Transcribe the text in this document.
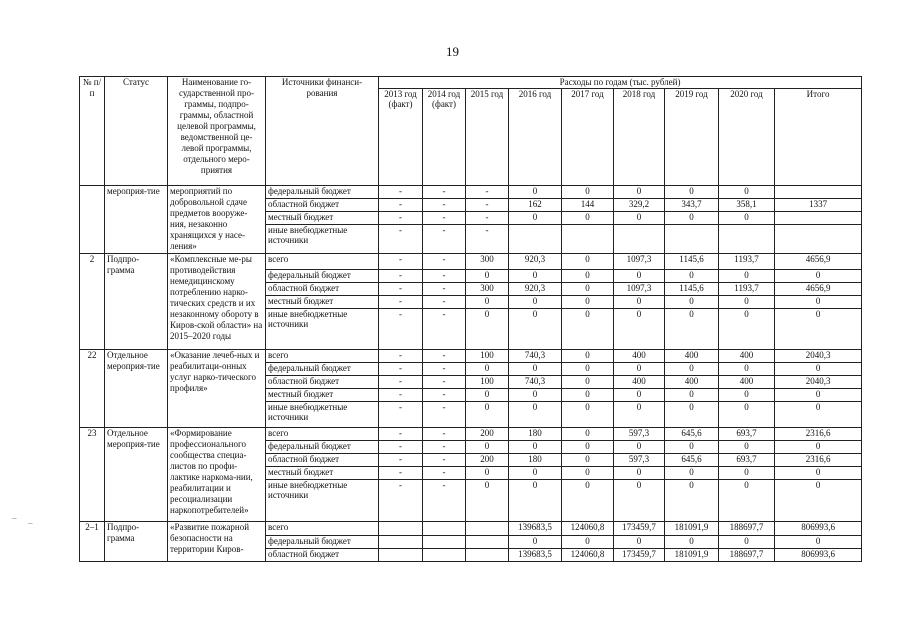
19
№ п/п	Статус	Наименование го-сударственной про-граммы, подпро-граммы, областной целевой программы, ведомственной це-левой программы, отдельного меро-приятия	Источники финанси-рования	Расходы по годам (тыс. рублей)								
				2013 год (факт)	2014 год (факт)	2015 год	2016 год	2017 год	2018 год	2019 год	2020 год	Итого
	мероприя-тие	мероприятий по добровольной сдаче предметов вооруже-ния, незаконно хранящихся у насе-ления»	федеральный бюджет	-	-	-	0	0	0	0	0	
			областной бюджет	-	-	-	162	144	329,2	343,7	358,1	1337
			местный бюджет	-	-	-	0	0	0	0	0	
			иные внебюджетные источники	-	-	-						
2	Подпро-грамма	«Комплексные ме-ры противодействия немедицинскому потреблению нарко-тических средств и их незаконному обороту в Киров-ской области» на 2015–2020 годы	всего	-	-	300	920,3	0	1097,3	1145,6	1193,7	4656,9
			федеральный бюджет	-	-	0	0	0	0	0	0	0
			областной бюджет	-	-	300	920,3	0	1097,3	1145,6	1193,7	4656,9
			местный бюджет	-	-	0	0	0	0	0	0	0
			иные внебюджетные источники	-	-	0	0	0	0	0	0	0
22	Отдельное мероприя-тие	«Оказание лечеб-ных и реабилитаци-онных услуг нарко-тического профиля»	всего	-	-	100	740,3	0	400	400	400	2040,3
			федеральный бюджет	-	-	0	0	0	0	0	0	0
			областной бюджет	-	-	100	740,3	0	400	400	400	2040,3
			местный бюджет	-	-	0	0	0	0	0	0	0
			иные внебюджетные источники	-	-	0	0	0	0	0	0	0
23	Отдельное мероприя-тие	«Формирование профессионального сообщества специа-листов по профи-лактике наркома-нии, реабилитации и ресоциализации наркопотребителей»	всего	-	-	200	180	0	597,3	645,6	693,7	2316,6
			федеральный бюджет	-	-	0	0	0	0	0	0	0
			областной бюджет	-	-	200	180	0	597,3	645,6	693,7	2316,6
			местный бюджет	-	-	0	0	0	0	0	0	0
			иные внебюджетные источники	-	-	0	0	0	0	0	0	0
2–1	Подпро-грамма	«Развитие пожарной безопасности на территории Киров-	всего				139683,5	124060,8	173459,7	181091,9	188697,7	806993,6
			федеральный бюджет				0	0	0	0	0	0
			областной бюджет				139683,5	124060,8	173459,7	181091,9	188697,7	806993,6
– –
